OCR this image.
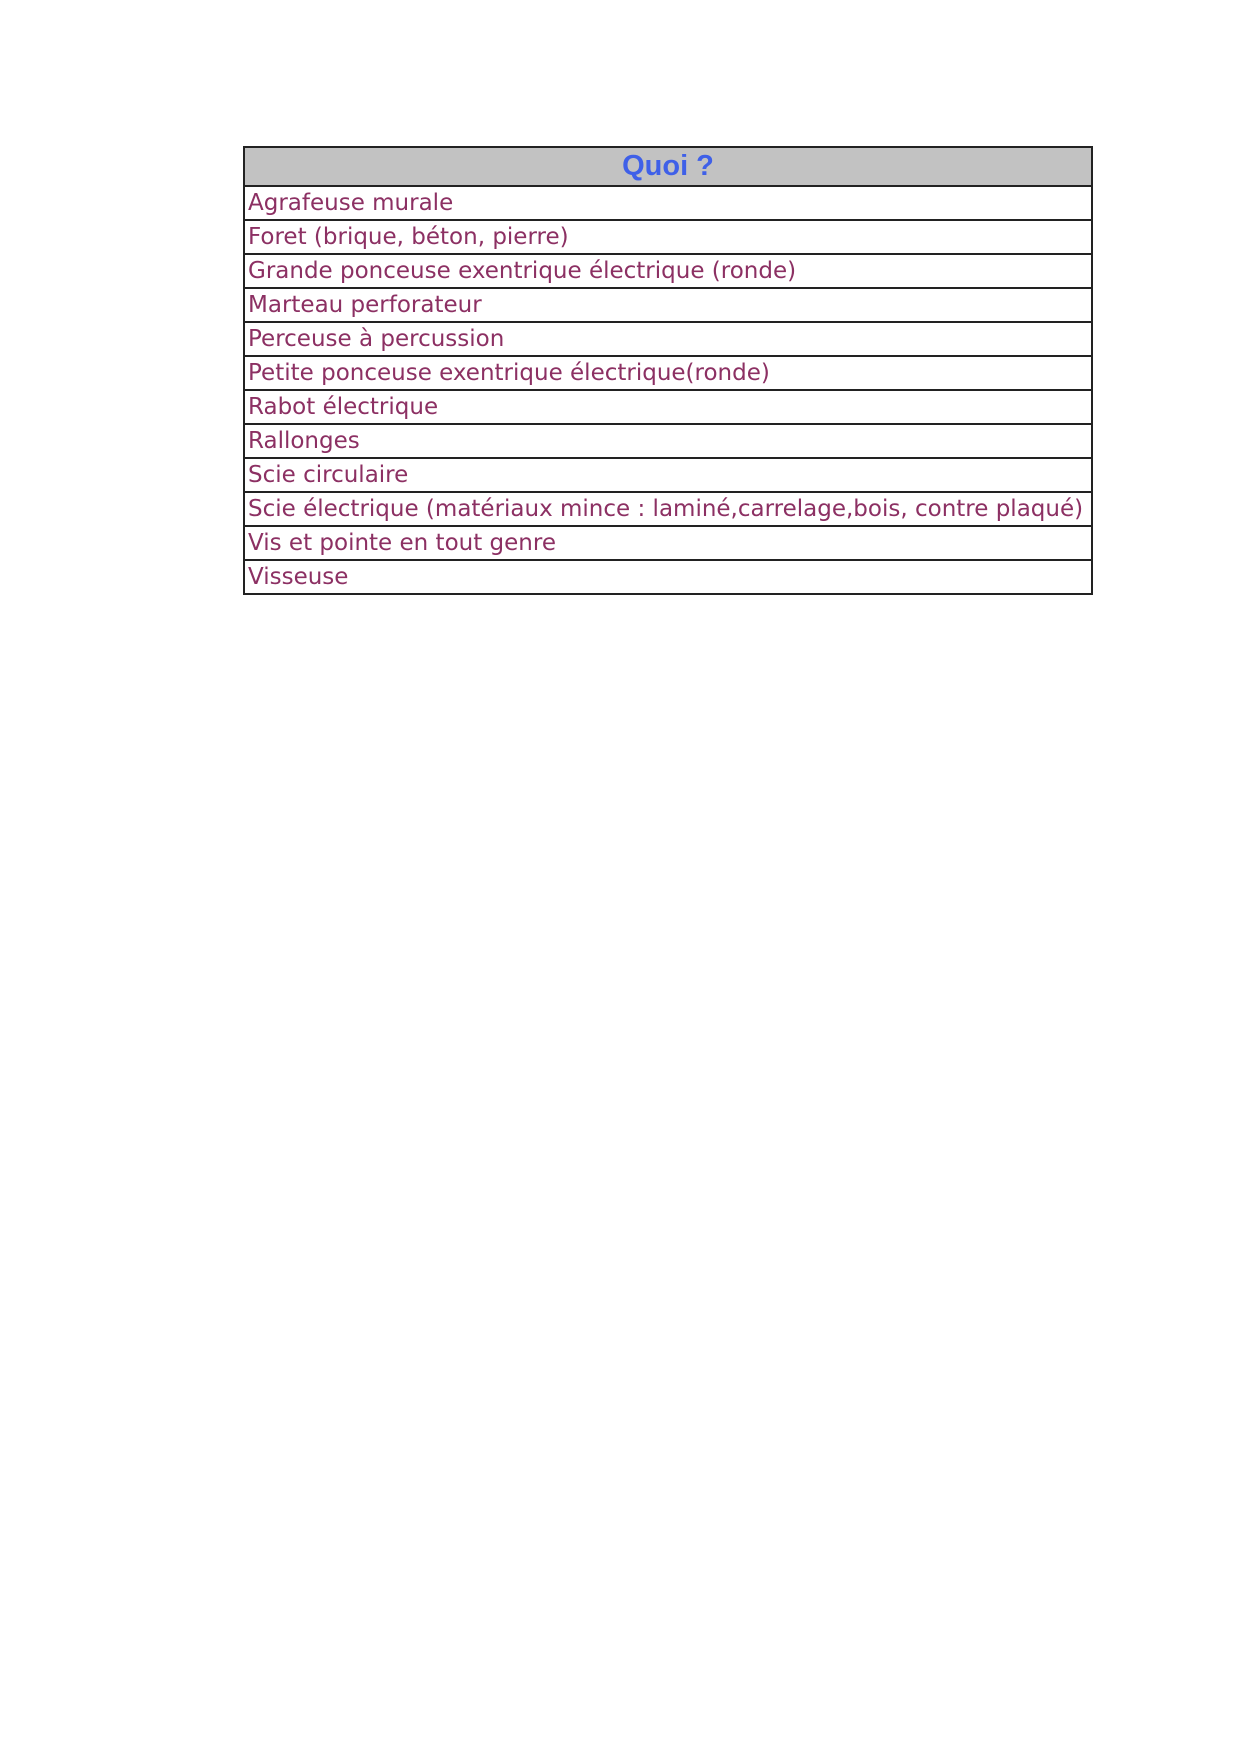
Quoi ?
Agrafeuse murale
Foret (brique, béton, pierre)
Grande ponceuse exentrique électrique (ronde)
Marteau perforateur
Perceuse à percussion
Petite ponceuse exentrique électrique(ronde)
Rabot électrique
Rallonges
Scie circulaire
Scie électrique (matériaux mince : laminé,carrelage,bois, contre plaqué)
Vis et pointe en tout genre
Visseuse
